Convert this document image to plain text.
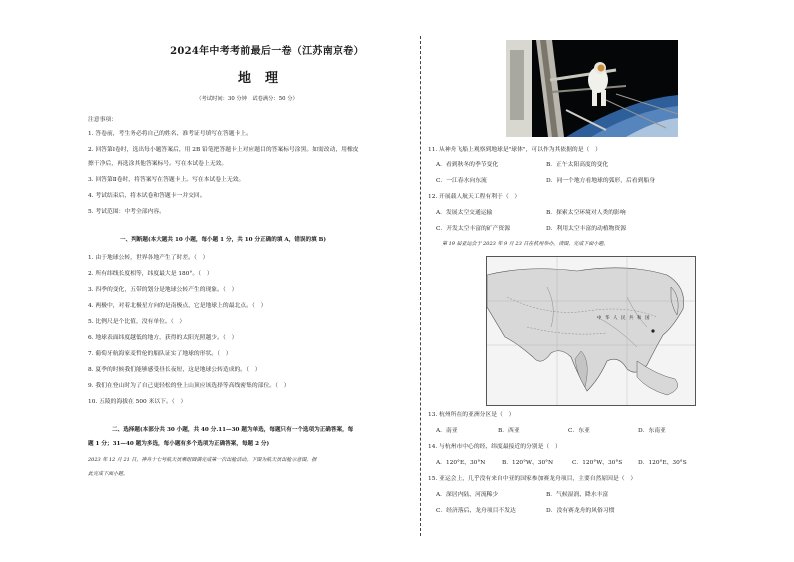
2024年中考考前最后一卷（江苏南京卷）
地理
（考试时间：30 分钟　试卷满分：50 分）
注意事项：
1. 答卷前，考生务必将自己的姓名、准考证号填写在答题卡上。
2. 回答第Ⅰ卷时，选出每小题答案后，用 2B 铅笔把答题卡上对应题目的答案标号涂黑。如需改动，用橡皮
擦干净后，再选涂其他答案标号。写在本试卷上无效。
3. 回答第Ⅱ卷时，将答案写在答题卡上。写在本试卷上无效。
4. 考试结束后，将本试卷和答题卡一并交回。
5. 考试范围：中考全部内容。
一、判断题(本大题共 10 小题，每小题 1 分，共 10 分正确的填 A，错误的填 B)
1. 由于地球公转，世界各地产生了时差。（　）
2. 所有纬线长度相等，纬度最大是 180°。（　）
3. 四季的变化，五带的划分是地球公转产生的现象。（　）
4. 两极中，对着北极星方向的是南极点，它是地球上的最北点。（　）
5. 比例尺是个比值，没有单位。（　）
6. 地球表面纬度越低的地方，获得的太阳光照越少。（　）
7. 葡萄牙航海家麦哲伦的船队证实了地球的形状。（　）
8. 夏季的时候我们能够感受昼长夜短，这是地球公转造成的。（　）
9. 我们在登山时为了自己更轻松的登上山顶应该选择等高线密集的部位。（　）
10. 五陵的海拔在 500 米以下。（　）
二、选择题(本部分共 30 小题，共 40 分.11—30 题为单选，每题只有一个选项为正确答案，每
题 1 分；31—40 题为多选，每小题有多个选项为正确答案，每题 2 分)
2023 年 12 月 21 日，神舟十七号航天员乘组圆满完成第一次出舱活动。下图为航天员出舱示意图。据
此完成下面小题。
11. 从神舟飞船上观察到地球是"球体"，可以作为其依据的是（　）
A．看到秋冬的季节变化	B．正午太阳高度的变化
C．一江春水向东流	D．同一个地方看地球的弧形，后看到船身
12. 开展载人航天工程有利于（　）
A．发展太空交通运输	B．探索太空环境对人类的影响
C．开发太空丰富的矿产资源	D．利用太空丰富的动植物资源
第 19 届亚运会于 2023 年 9 月 23 日在杭州举办。读图，完成下面小题。
中 华 人 民 共 和 国
13. 杭州所在的亚洲分区是（　）
A．南亚	B．西亚	C．东亚	D．东南亚
14. 与杭州市中心的经、纬度最接近的分别是（　）
A．120°E、30°N	B．120°W、30°N	C．120°W、30°S	D．120°E、30°S
15. 亚运会上，几乎没有来自中亚的国家参加赛龙舟项目，主要自然原因是（　）
A．深居内陆、河流稀少	B．气候湿润、降水丰富
C．经济落后、龙舟项目不发达	D．没有赛龙舟的风俗习惯
